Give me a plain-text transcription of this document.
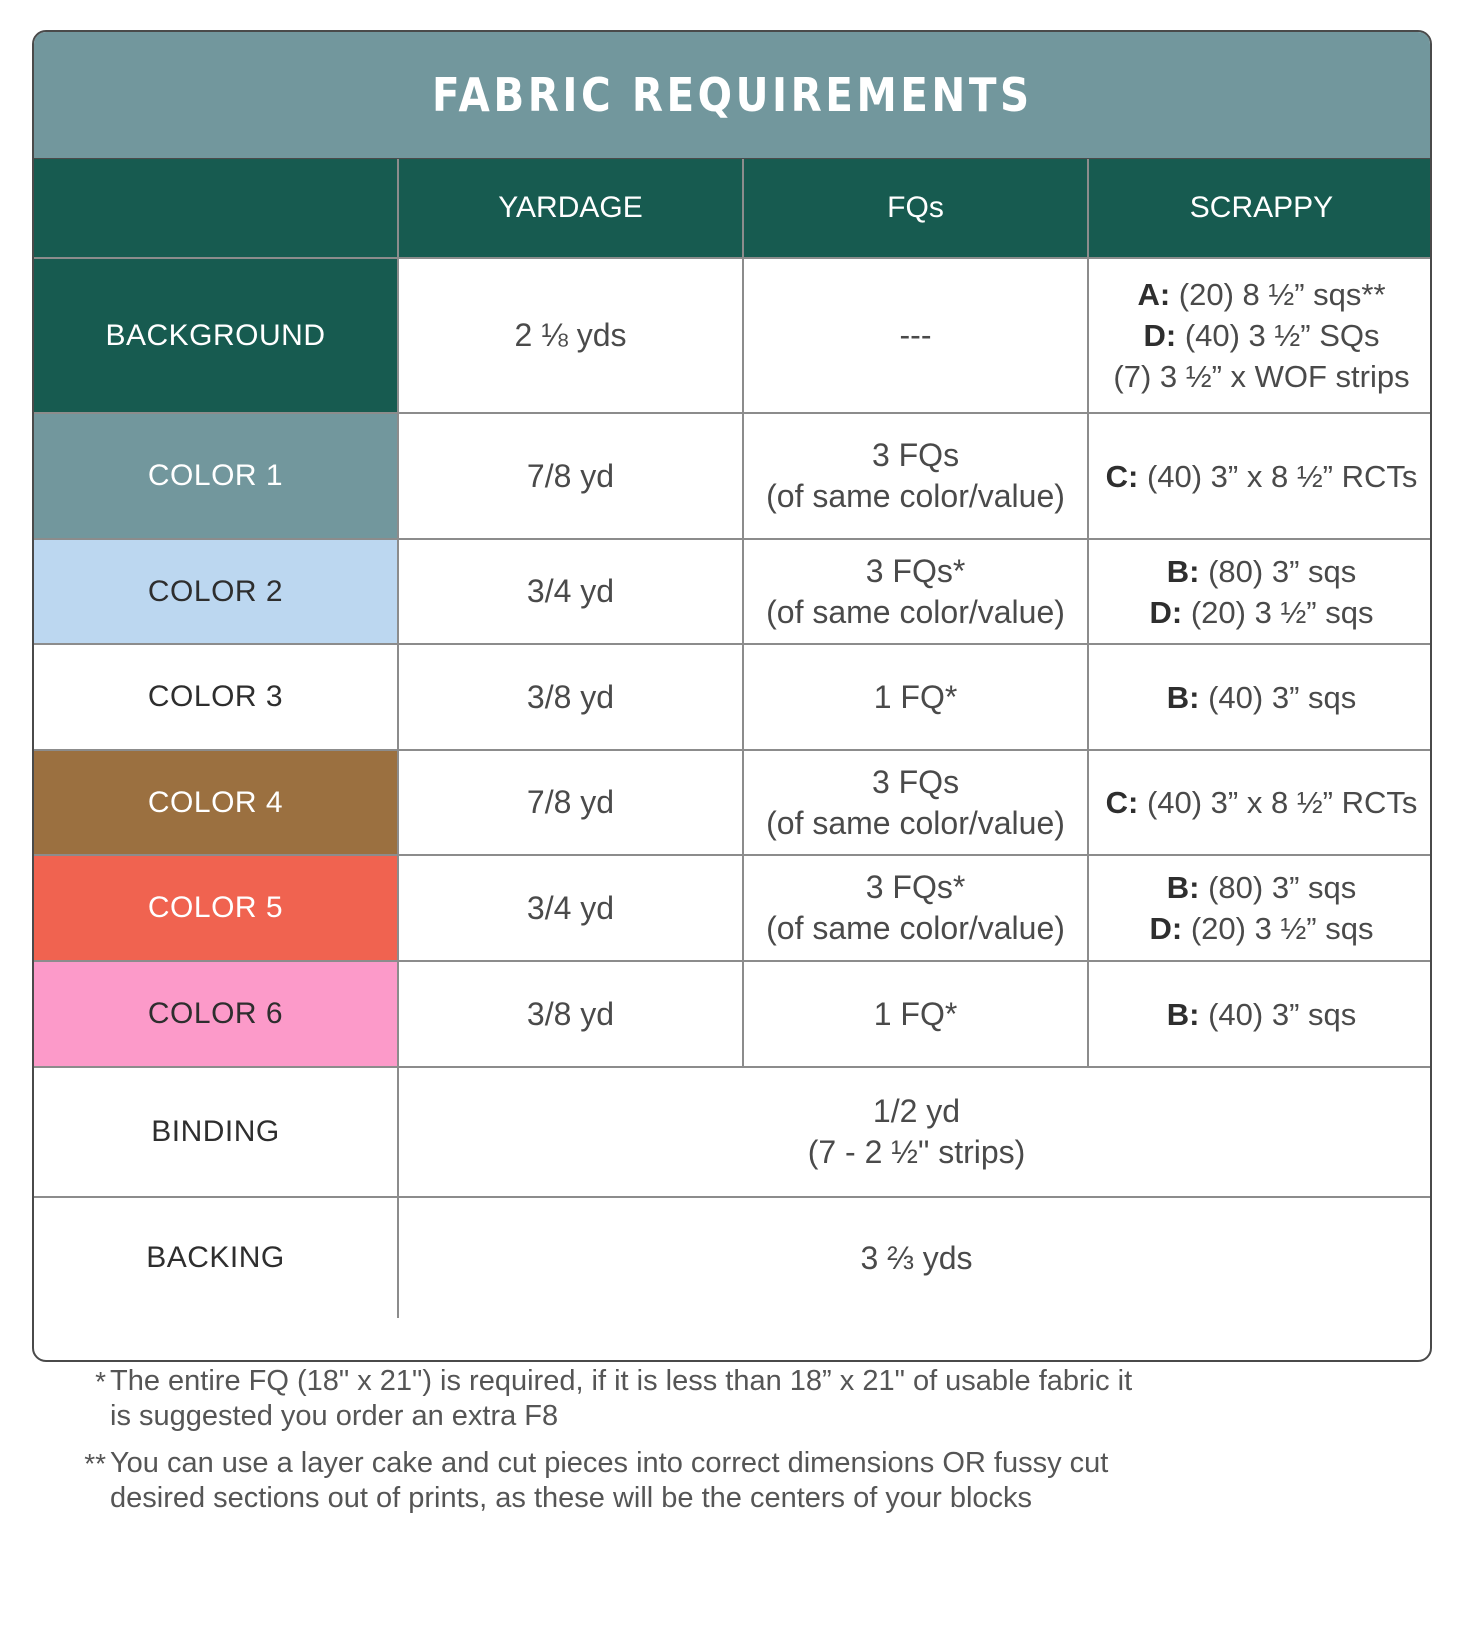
FABRIC REQUIREMENTS
	YARDAGE	FQs	SCRAPPY
BACKGROUND	2 ⅛ yds	---	A: (20) 8 ½” sqs**
D: (40) 3 ½” SQs
(7) 3 ½” x WOF strips
COLOR 1	7/8 yd	3 FQs
(of same color/value)	C: (40) 3” x 8 ½” RCTs
COLOR 2	3/4 yd	3 FQs*
(of same color/value)	B: (80) 3” sqs
D: (20) 3 ½” sqs
COLOR 3	3/8 yd	1 FQ*	B: (40) 3” sqs
COLOR 4	7/8 yd	3 FQs
(of same color/value)	C: (40) 3” x 8 ½” RCTs
COLOR 5	3/4 yd	3 FQs*
(of same color/value)	B: (80) 3” sqs
D: (20) 3 ½” sqs
COLOR 6	3/8 yd	1 FQ*	B: (40) 3” sqs
BINDING	1/2 yd
(7 - 2 ½" strips)		
BACKING	3 ⅔ yds		
* The entire FQ (18" x 21") is required, if it is less than 18” x 21" of usable fabric it is suggested you order an extra F8
** You can use a layer cake and cut pieces into correct dimensions OR fussy cut desired sections out of prints, as these will be the centers of your blocks
